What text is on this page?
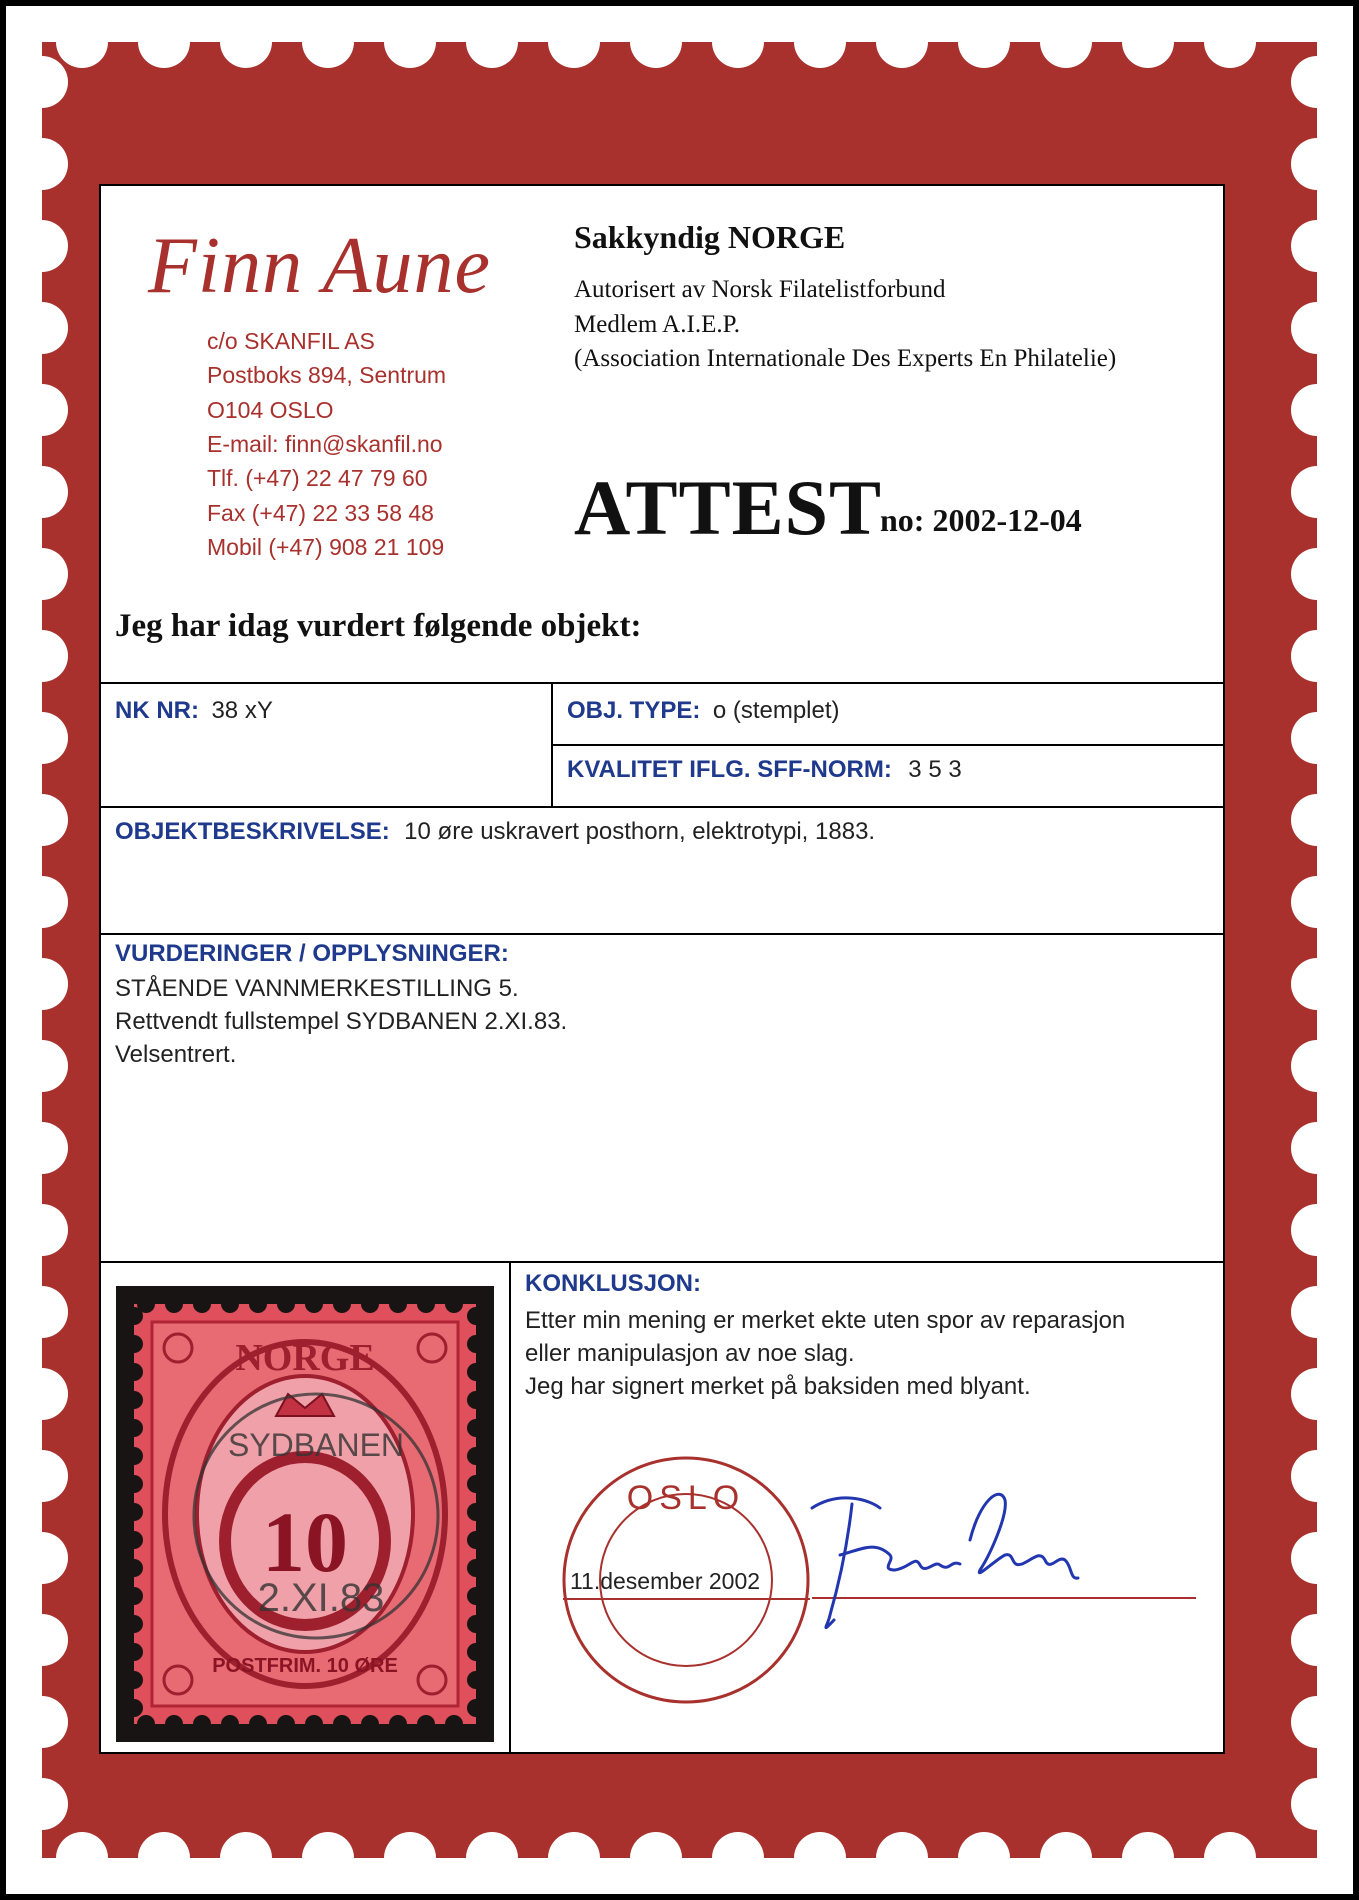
Finn Aune
c/o SKANFIL AS
Postboks 894, Sentrum
O104 OSLO
E-mail: finn@skanfil.no
Tlf. (+47) 22 47 79 60
Fax (+47) 22 33 58 48
Mobil (+47) 908 21 109
Sakkyndig NORGE
Autorisert av Norsk Filatelistforbund
Medlem A.I.E.P.
(Association Internationale Des Experts En Philatelie)
ATTEST
no: 2002-12-04
Jeg har idag vurdert følgende objekt:
NK NR: 38 xY	OBJ. TYPE: o (stemplet)
KVALITET IFLG. SFF-NORM: 3 5 3
OBJEKTBESKRIVELSE: 10 øre uskravert posthorn, elektrotypi, 1883.
VURDERINGER / OPPLYSNINGER:
STÅENDE VANNMERKESTILLING 5.
Rettvendt fullstempel SYDBANEN 2.XI.83.
Velsentrert.
KONKLUSJON:
Etter min mening er merket ekte uten spor av reparasjon
eller manipulasjon av noe slag.
Jeg har signert merket på baksiden med blyant.
NORGE
10
POSTFRIM. 10 ØRE
SYDBANEN
2.XI.83
OSLO
11.desember 2002
